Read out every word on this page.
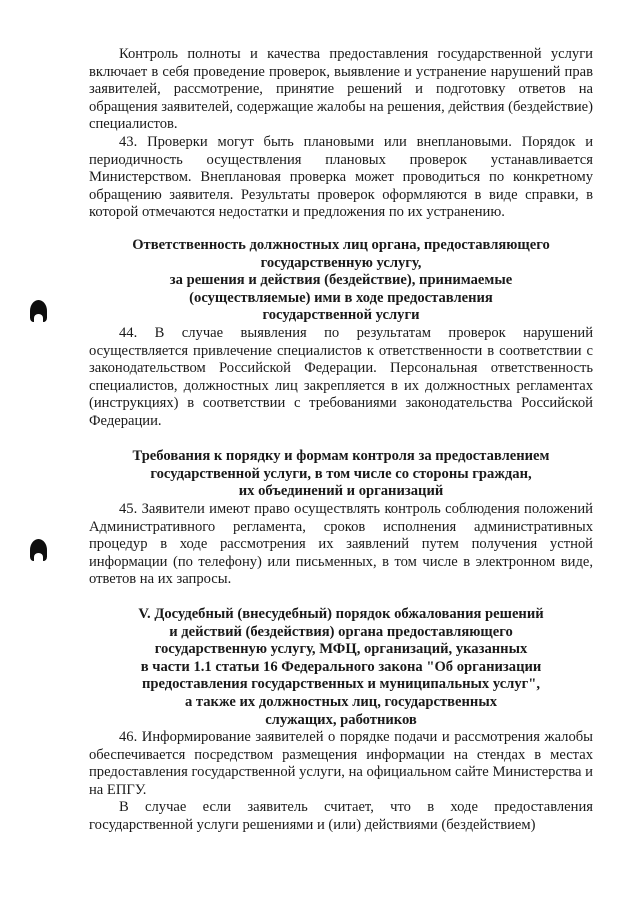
Контроль полноты и качества предоставления государственной услуги включает в себя проведение проверок, выявление и устранение нарушений прав заявителей, рассмотрение, принятие решений и подготовку ответов на обращения заявителей, содержащие жалобы на решения, действия (бездействие) специалистов.

43. Проверки могут быть плановыми или внеплановыми. Порядок и периодичность осуществления плановых проверок устанавливается Министерством. Внеплановая проверка может проводиться по конкретному обращению заявителя. Результаты проверок оформляются в виде справки, в которой отмечаются недостатки и предложения по их устранению.

Ответственность должностных лиц органа, предоставляющего
государственную услугу,
за решения и действия (бездействие), принимаемые
(осуществляемые) ими в ходе предоставления
государственной услуги

44. В случае выявления по результатам проверок нарушений осуществляется привлечение специалистов к ответственности в соответствии с законодательством Российской Федерации. Персональная ответственность специалистов, должностных лиц закрепляется в их должностных регламентах (инструкциях) в соответствии с требованиями законодательства Российской Федерации.

Требования к порядку и формам контроля за предоставлением
государственной услуги, в том числе со стороны граждан,
их объединений и организаций

45. Заявители имеют право осуществлять контроль соблюдения положений Административного регламента, сроков исполнения административных процедур в ходе рассмотрения их заявлений путем получения устной информации (по телефону) или письменных, в том числе в электронном виде, ответов на их запросы.

V. Досудебный (внесудебный) порядок обжалования решений
и действий (бездействия) органа предоставляющего
государственную услугу, МФЦ, организаций, указанных
в части 1.1 статьи 16 Федерального закона "Об организации
предоставления государственных и муниципальных услуг",
а также их должностных лиц, государственных
служащих, работников

46. Информирование заявителей о порядке подачи и рассмотрения жалобы обеспечивается посредством размещения информации на стендах в местах предоставления государственной услуги, на официальном сайте Министерства и на ЕПГУ.

В случае если заявитель считает, что в ходе предоставления государственной услуги решениями и (или) действиями (бездействием)
